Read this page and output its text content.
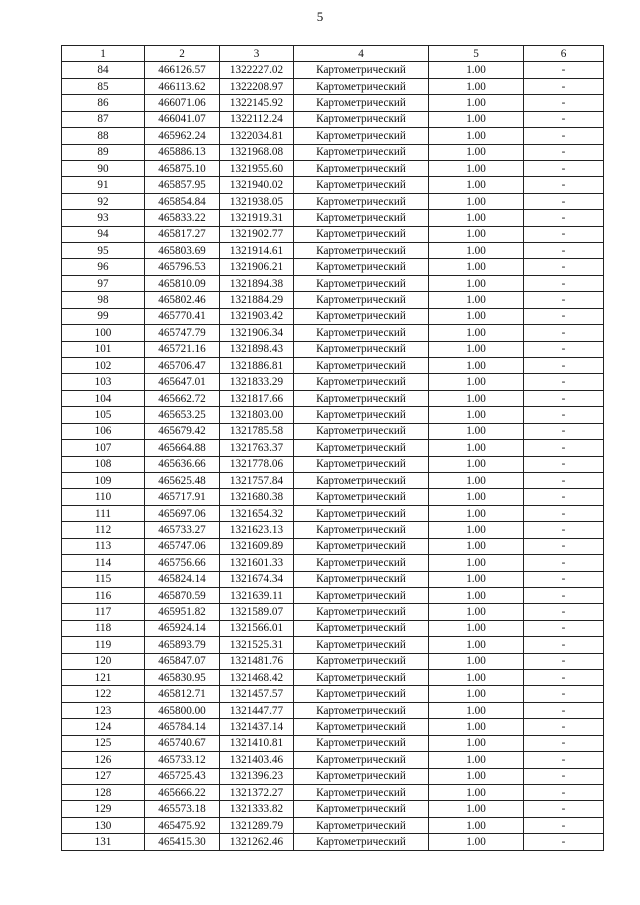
5
1	2	3	4	5	6
84	466126.57	1322227.02	Картометрический	1.00	-
85	466113.62	1322208.97	Картометрический	1.00	-
86	466071.06	1322145.92	Картометрический	1.00	-
87	466041.07	1322112.24	Картометрический	1.00	-
88	465962.24	1322034.81	Картометрический	1.00	-
89	465886.13	1321968.08	Картометрический	1.00	-
90	465875.10	1321955.60	Картометрический	1.00	-
91	465857.95	1321940.02	Картометрический	1.00	-
92	465854.84	1321938.05	Картометрический	1.00	-
93	465833.22	1321919.31	Картометрический	1.00	-
94	465817.27	1321902.77	Картометрический	1.00	-
95	465803.69	1321914.61	Картометрический	1.00	-
96	465796.53	1321906.21	Картометрический	1.00	-
97	465810.09	1321894.38	Картометрический	1.00	-
98	465802.46	1321884.29	Картометрический	1.00	-
99	465770.41	1321903.42	Картометрический	1.00	-
100	465747.79	1321906.34	Картометрический	1.00	-
101	465721.16	1321898.43	Картометрический	1.00	-
102	465706.47	1321886.81	Картометрический	1.00	-
103	465647.01	1321833.29	Картометрический	1.00	-
104	465662.72	1321817.66	Картометрический	1.00	-
105	465653.25	1321803.00	Картометрический	1.00	-
106	465679.42	1321785.58	Картометрический	1.00	-
107	465664.88	1321763.37	Картометрический	1.00	-
108	465636.66	1321778.06	Картометрический	1.00	-
109	465625.48	1321757.84	Картометрический	1.00	-
110	465717.91	1321680.38	Картометрический	1.00	-
111	465697.06	1321654.32	Картометрический	1.00	-
112	465733.27	1321623.13	Картометрический	1.00	-
113	465747.06	1321609.89	Картометрический	1.00	-
114	465756.66	1321601.33	Картометрический	1.00	-
115	465824.14	1321674.34	Картометрический	1.00	-
116	465870.59	1321639.11	Картометрический	1.00	-
117	465951.82	1321589.07	Картометрический	1.00	-
118	465924.14	1321566.01	Картометрический	1.00	-
119	465893.79	1321525.31	Картометрический	1.00	-
120	465847.07	1321481.76	Картометрический	1.00	-
121	465830.95	1321468.42	Картометрический	1.00	-
122	465812.71	1321457.57	Картометрический	1.00	-
123	465800.00	1321447.77	Картометрический	1.00	-
124	465784.14	1321437.14	Картометрический	1.00	-
125	465740.67	1321410.81	Картометрический	1.00	-
126	465733.12	1321403.46	Картометрический	1.00	-
127	465725.43	1321396.23	Картометрический	1.00	-
128	465666.22	1321372.27	Картометрический	1.00	-
129	465573.18	1321333.82	Картометрический	1.00	-
130	465475.92	1321289.79	Картометрический	1.00	-
131	465415.30	1321262.46	Картометрический	1.00	-
